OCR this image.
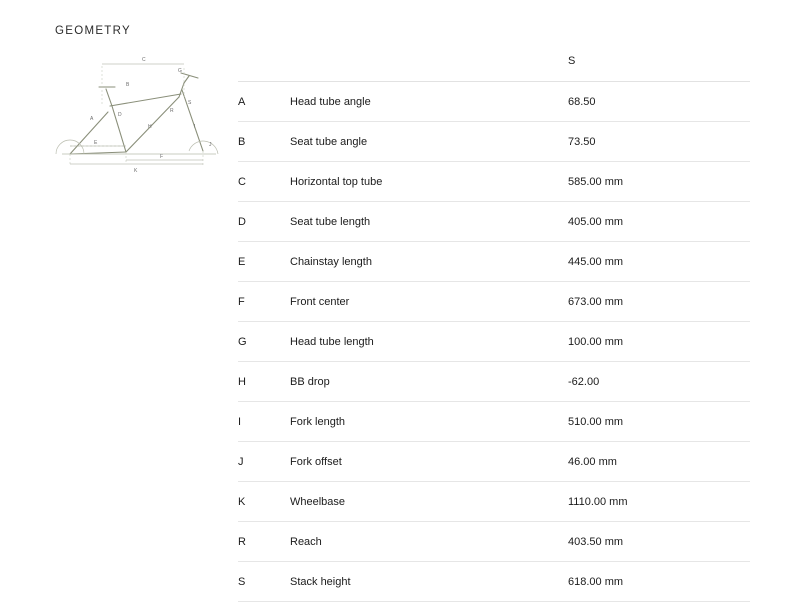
GEOMETRY
C
B
G
D
E
F
K
H	I
J
A
R
S
		S
A	Head tube angle	68.50
B	Seat tube angle	73.50
C	Horizontal top tube	585.00 mm
D	Seat tube length	405.00 mm
E	Chainstay length	445.00 mm
F	Front center	673.00 mm
G	Head tube length	100.00 mm
H	BB drop	-62.00
I	Fork length	510.00 mm
J	Fork offset	46.00 mm
K	Wheelbase	1110.00 mm
R	Reach	403.50 mm
S	Stack height	618.00 mm
